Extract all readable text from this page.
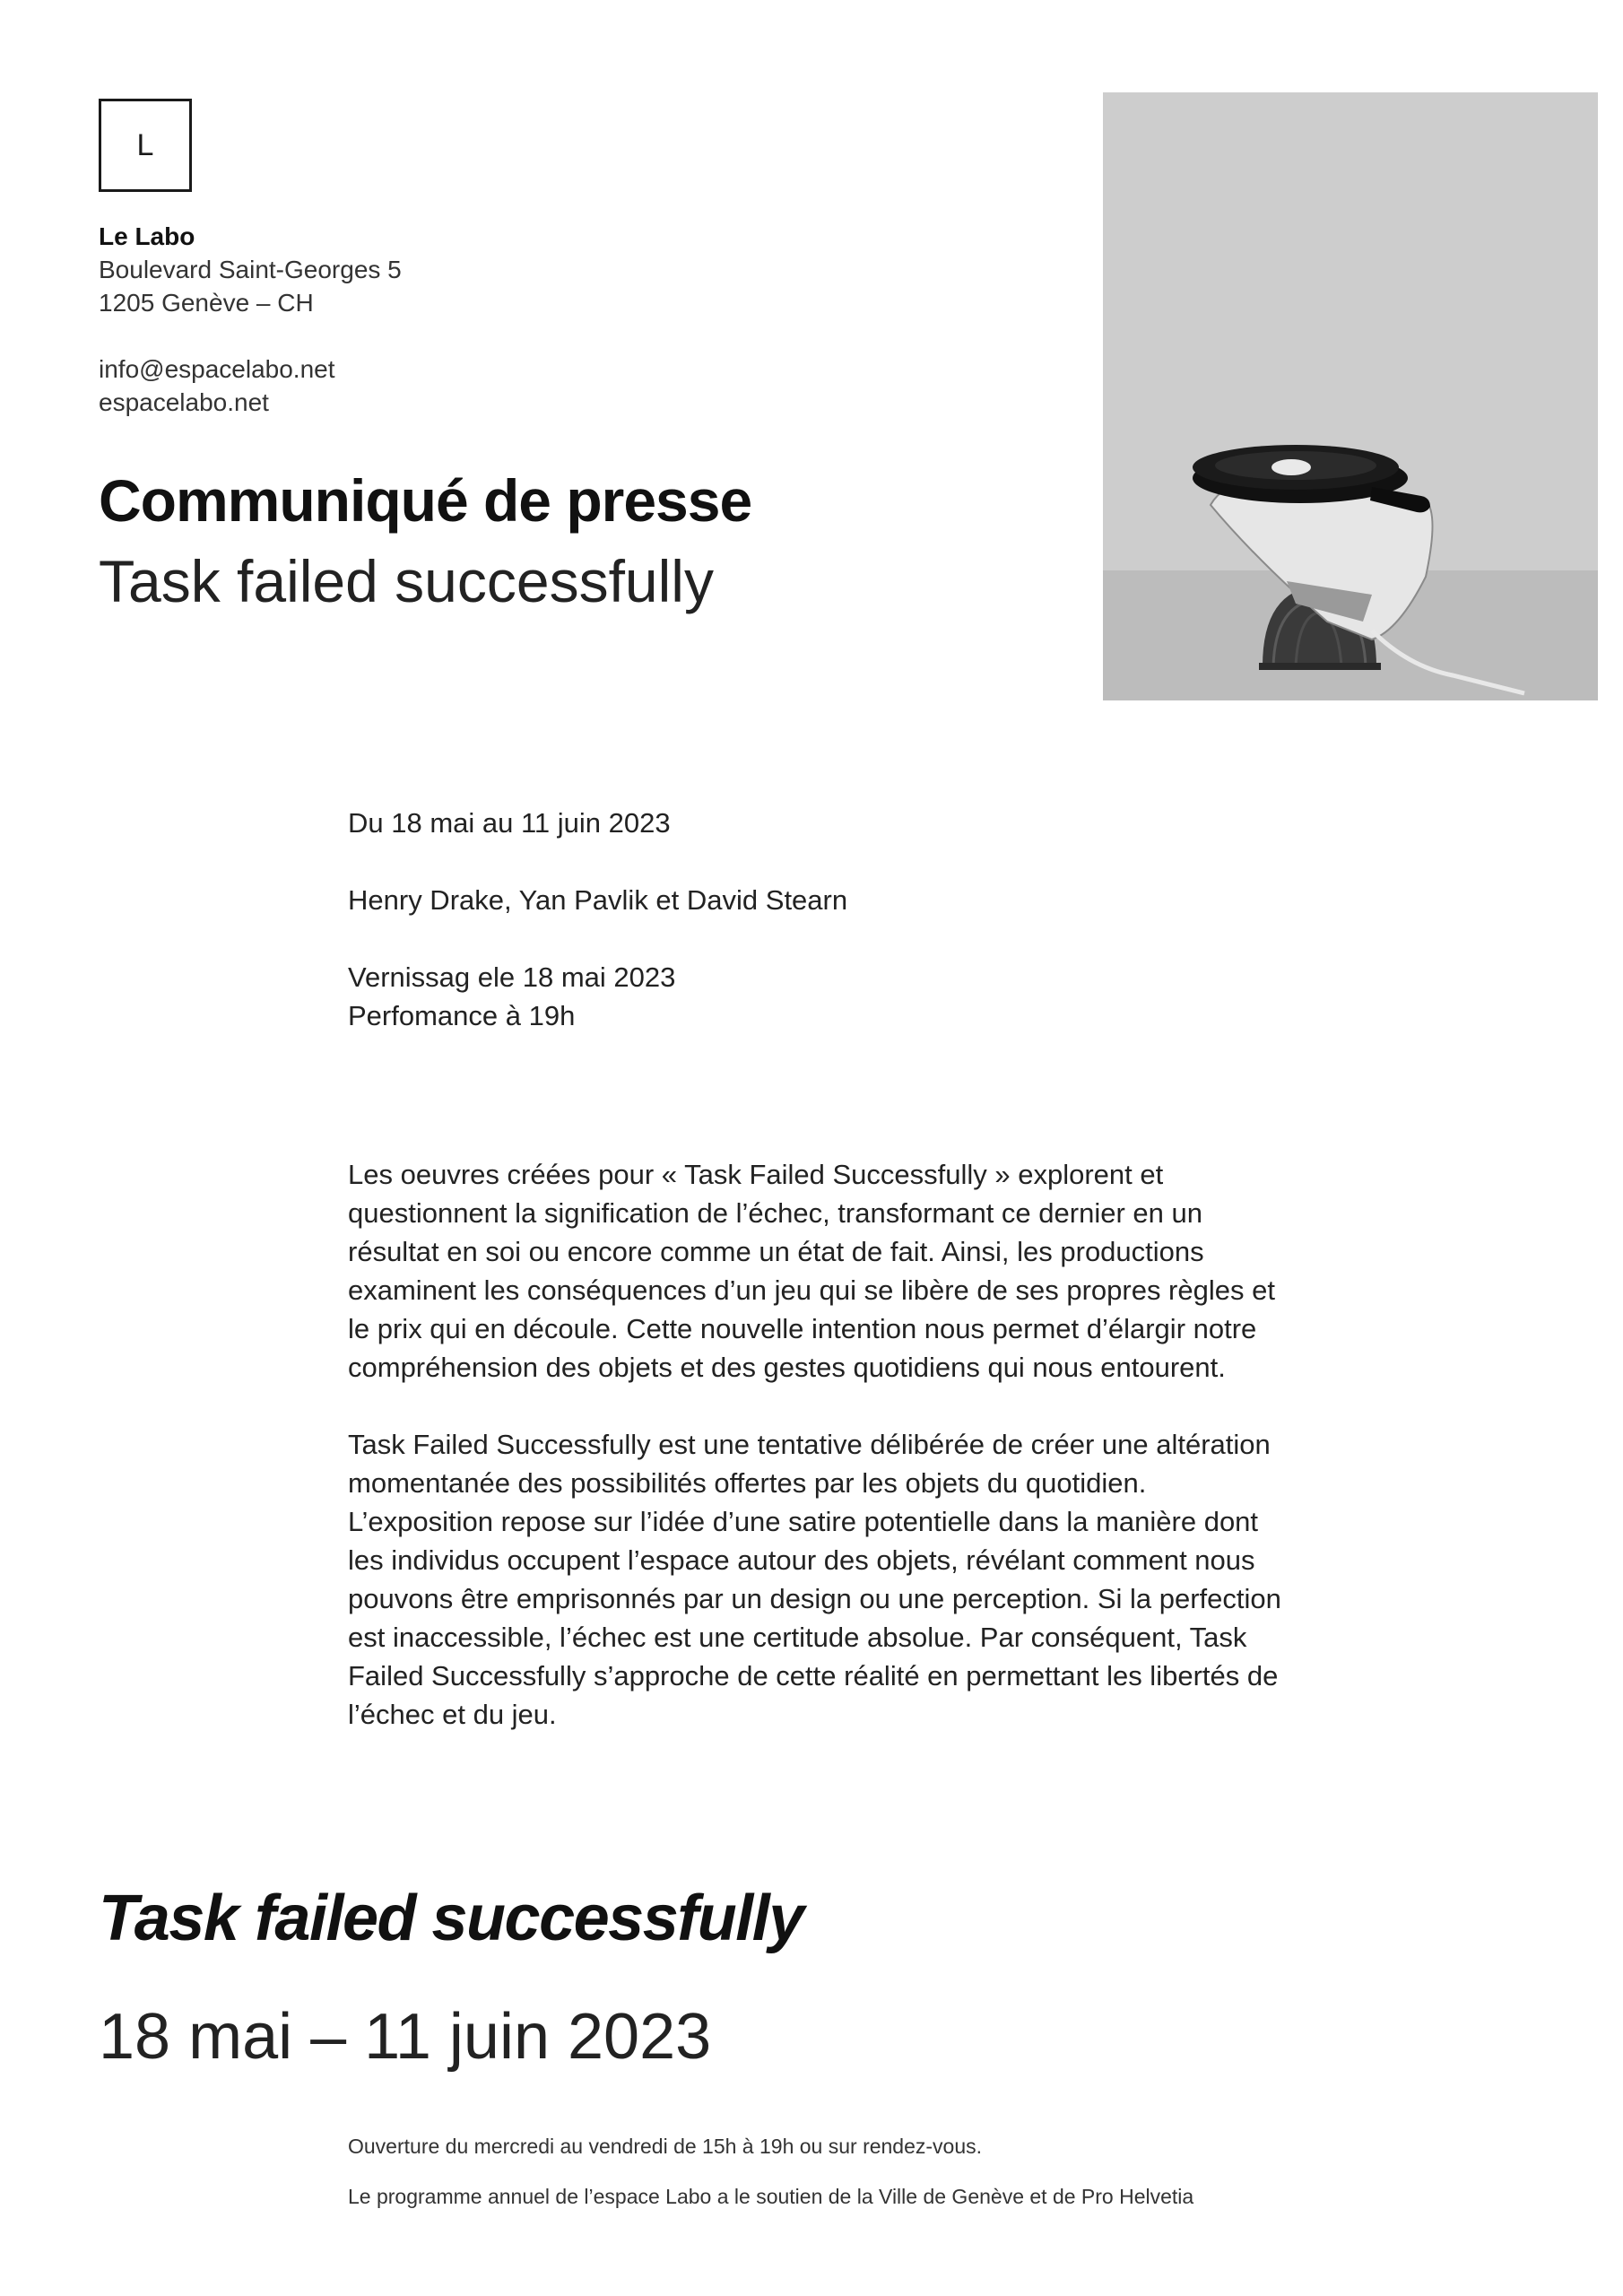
L
Le Labo
Boulevard Saint-Georges 5
1205 Genève – CH
info@espacelabo.net
espacelabo.net
Communiqué de presse
Task failed successfully

Du 18 mai au 11 juin 2023

Henry Drake, Yan Pavlik et David Stearn

Vernissag ele 18 mai 2023
Perfomance à 19h

Les oeuvres créées pour « Task Failed Successfully » explorent et
questionnent la signification de l’échec, transformant ce dernier en un
résultat en soi ou encore comme un état de fait. Ainsi, les productions
examinent les conséquences d’un jeu qui se libère de ses propres règles et
le prix qui en découle. Cette nouvelle intention nous permet d’élargir notre
compréhension des objets et des gestes quotidiens qui nous entourent.

Task Failed Successfully est une tentative délibérée de créer une altération
momentanée des possibilités offertes par les objets du quotidien.
L’exposition repose sur l’idée d’une satire potentielle dans la manière dont
les individus occupent l’espace autour des objets, révélant comment nous
pouvons être emprisonnés par un design ou une perception. Si la perfection
est inaccessible, l’échec est une certitude absolue. Par conséquent, Task
Failed Successfully s’approche de cette réalité en permettant les libertés de
l’échec et du jeu.

Task failed successfully
18 mai – 11 juin 2023

Ouverture du mercredi au vendredi de 15h à 19h ou sur rendez-vous.

Le programme annuel de l’espace Labo a le soutien de la Ville de Genève et de Pro Helvetia
